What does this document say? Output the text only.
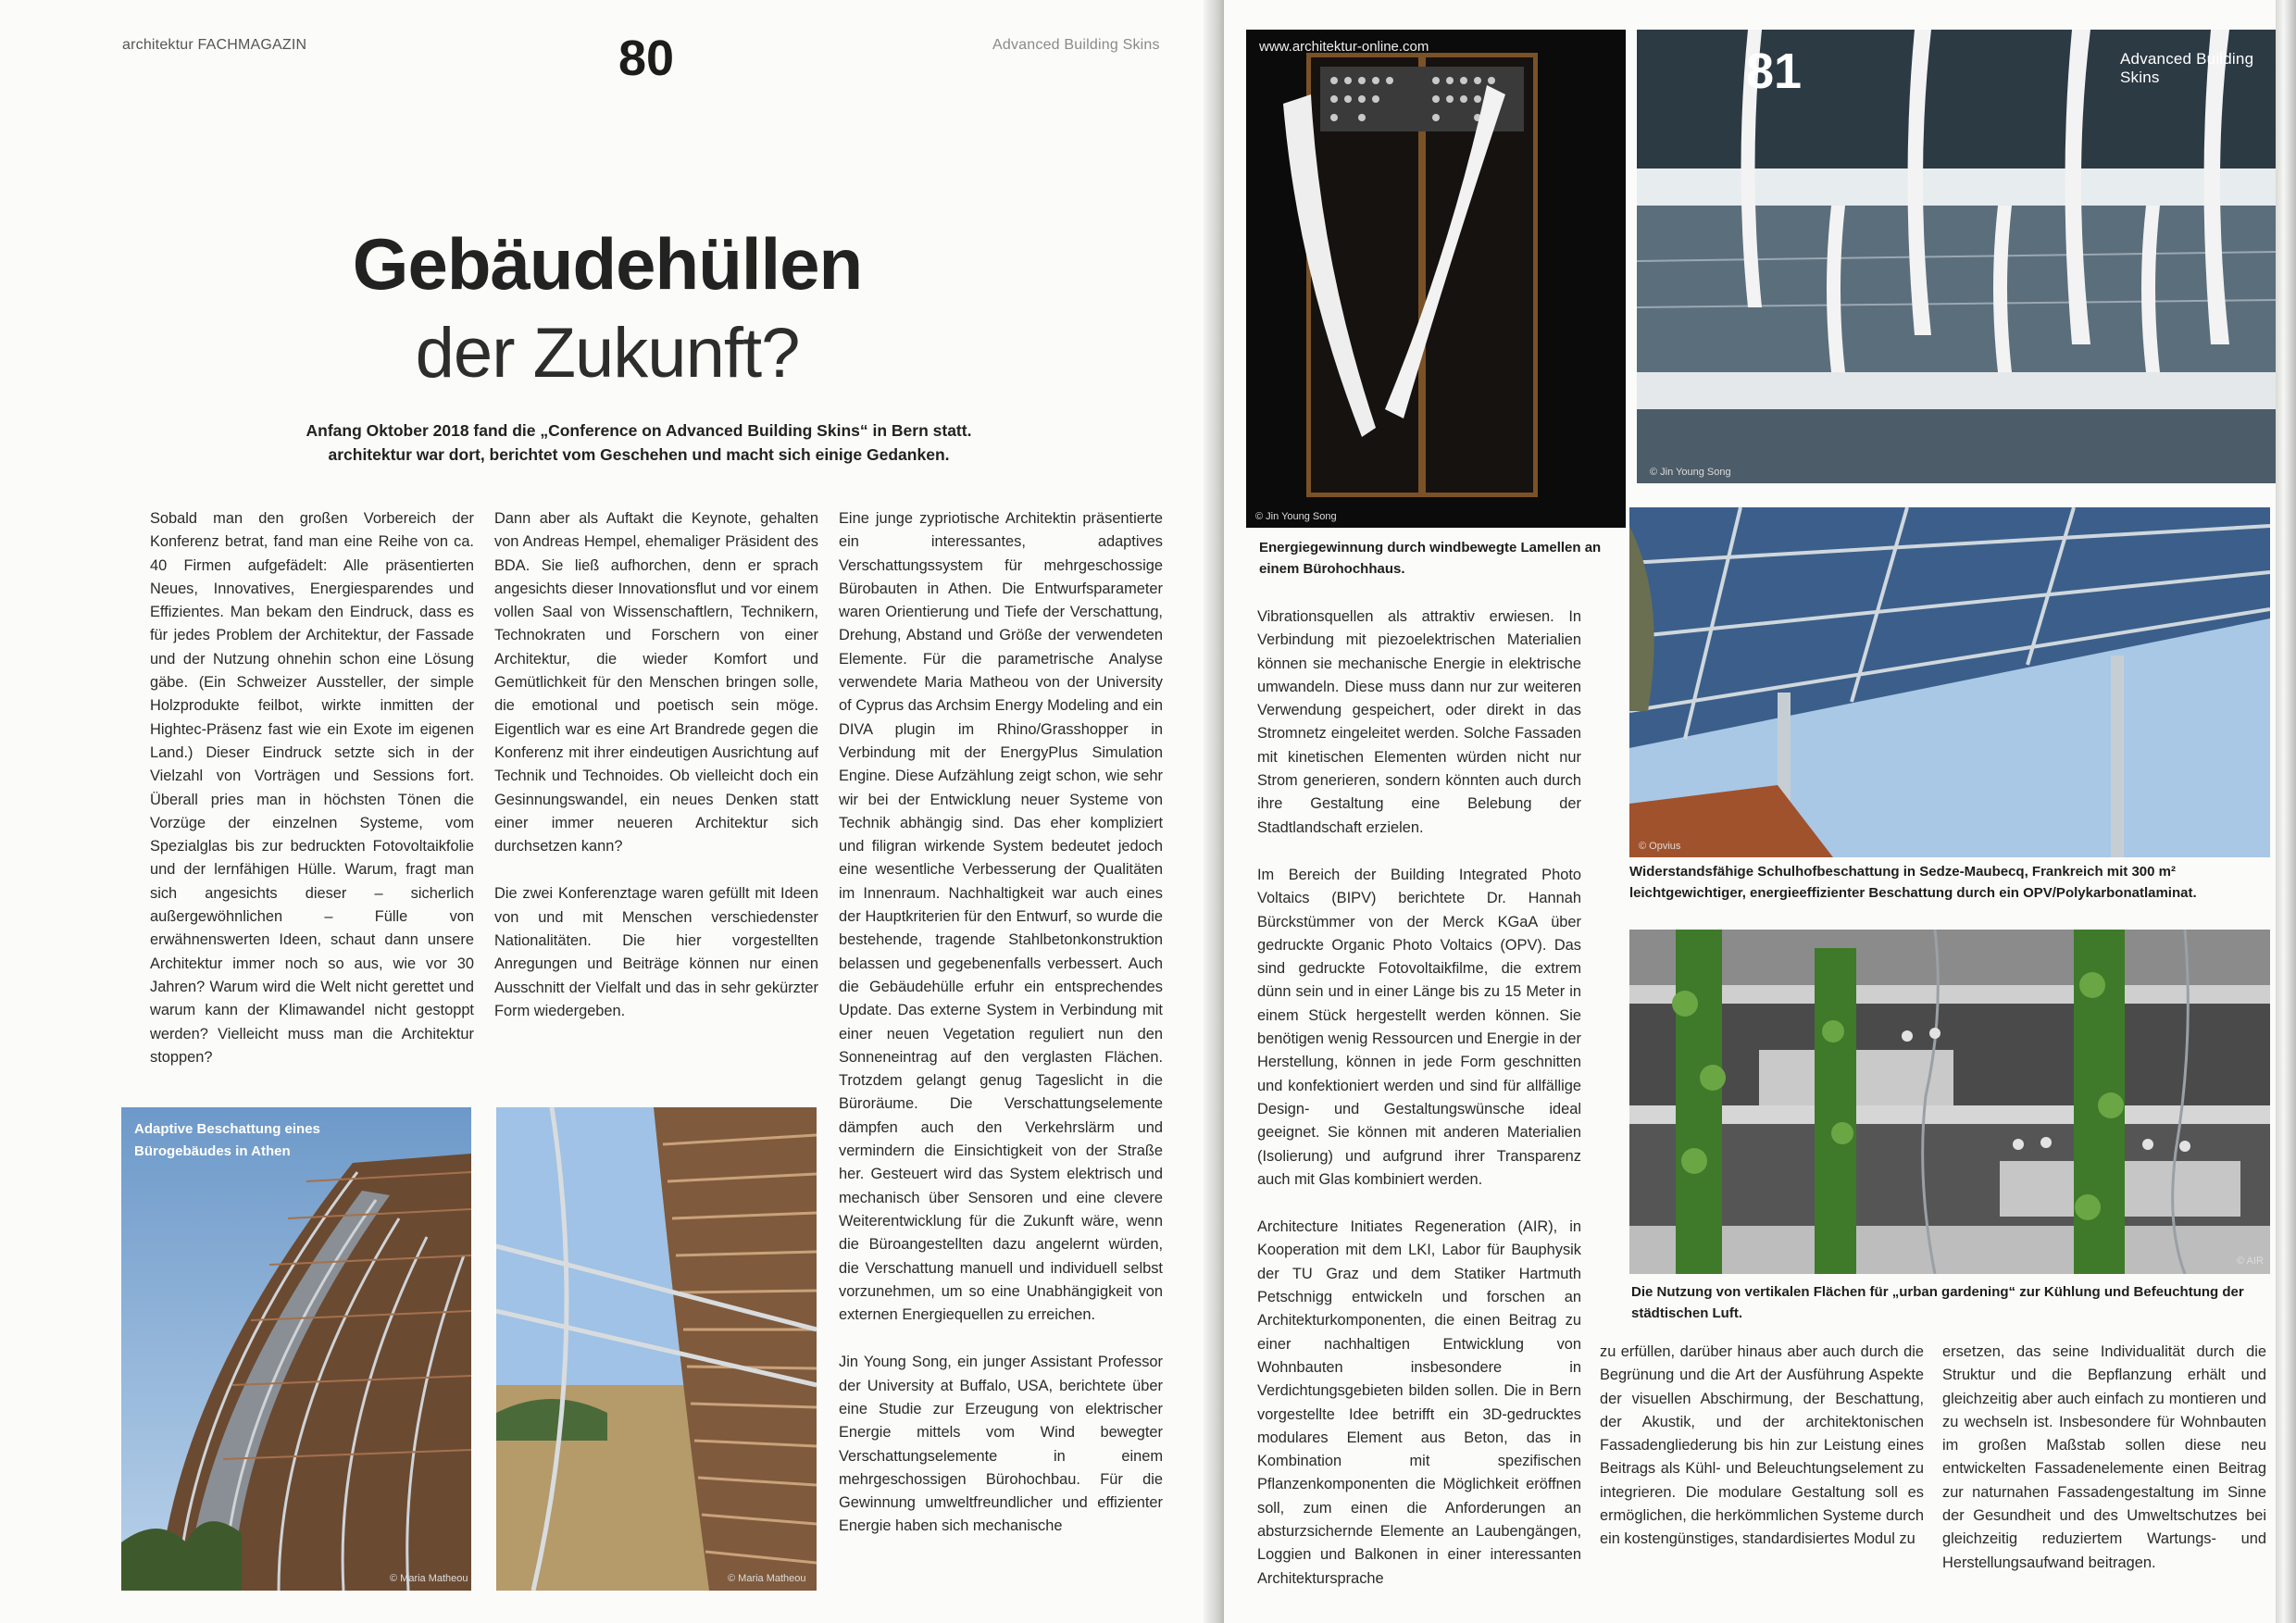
architektur FACHMAGAZIN	80	Advanced Building Skins
Gebäudehüllen
der Zukunft?
Anfang Oktober 2018 fand die „Conference on Advanced Building Skins“ in Bern statt. architektur war dort, berichtet vom Geschehen und macht sich einige Gedanken.

Sobald man den großen Vorbereich der Konferenz betrat, fand man eine Reihe von ca. 40 Firmen aufgefädelt: Alle präsentierten Neues, Innovatives, Energiesparendes und Effizientes. Man bekam den Eindruck, dass es für jedes Problem der Architektur, der Fassade und der Nutzung ohnehin schon eine Lösung gäbe. (Ein Schweizer Aussteller, der simple Holzprodukte feilbot, wirkte inmitten der Hightec-Präsenz fast wie ein Exote im eigenen Land.) Dieser Eindruck setzte sich in der Vielzahl von Vorträgen und Sessions fort. Überall pries man in höchsten Tönen die Vorzüge der einzelnen Systeme, vom Spezialglas bis zur bedruckten Fotovoltaikfolie und der lernfähigen Hülle. Warum, fragt man sich angesichts dieser – sicherlich außergewöhnlichen – Fülle von erwähnenswerten Ideen, schaut dann unsere Architektur immer noch so aus, wie vor 30 Jahren? Warum wird die Welt nicht gerettet und warum kann der Klimawandel nicht gestoppt werden? Vielleicht muss man die Architektur stoppen?

Dann aber als Auftakt die Keynote, gehalten von Andreas Hempel, ehemaliger Präsident des BDA. Sie ließ aufhorchen, denn er sprach angesichts dieser Innovationsflut und vor einem vollen Saal von Wissenschaftlern, Technikern, Technokraten und Forschern von einer Architektur, die wieder Komfort und Gemütlichkeit für den Menschen bringen solle, die emotional und poetisch sein möge. Eigentlich war es eine Art Brandrede gegen die Konferenz mit ihrer eindeutigen Ausrichtung auf Technik und Technoides. Ob vielleicht doch ein Gesinnungswandel, ein neues Denken statt einer immer neueren Architektur sich durchsetzen kann?

Die zwei Konferenztage waren gefüllt mit Ideen von und mit Menschen verschiedenster Nationalitäten. Die hier vorgestellten Anregungen und Beiträge können nur einen Ausschnitt der Vielfalt und das in sehr gekürzter Form wiedergeben.

Eine junge zypriotische Architektin präsentierte ein interessantes, adaptives Verschattungssystem für mehrgeschossige Bürobauten in Athen. Die Entwurfsparameter waren Orientierung und Tiefe der Verschattung, Drehung, Abstand und Größe der verwendeten Elemente. Für die parametrische Analyse verwendete Maria Matheou von der University of Cyprus das Archsim Energy Modeling and ein DIVA plugin im Rhino/Grasshopper in Verbindung mit der EnergyPlus Simulation Engine. Diese Aufzählung zeigt schon, wie sehr wir bei der Entwicklung neuer Systeme von Technik abhängig sind. Das eher kompliziert und filigran wirkende System bedeutet jedoch eine wesentliche Verbesserung der Qualitäten im Innenraum. Nachhaltigkeit war auch eines der Hauptkriterien für den Entwurf, so wurde die bestehende, tragende Stahlbetonkonstruktion belassen und gegebenenfalls verbessert. Auch die Gebäudehülle erfuhr ein entsprechendes Update. Das externe System in Verbindung mit einer neuen Vegetation reguliert nun den Sonneneintrag auf den verglasten Flächen. Trotzdem gelangt genug Tageslicht in die Büroräume. Die Verschattungselemente dämpfen auch den Verkehrslärm und vermindern die Einsichtigkeit von der Straße her. Gesteuert wird das System elektrisch und mechanisch über Sensoren und eine clevere Weiterentwicklung für die Zukunft wäre, wenn die Büroangestellten dazu angelernt würden, die Verschattung manuell und individuell selbst vorzunehmen, um so eine Unabhängigkeit von externen Energiequellen zu erreichen.

Jin Young Song, ein junger Assistant Professor der University at Buffalo, USA, berichtete über eine Studie zur Erzeugung von elektrischer Energie mittels vom Wind bewegter Verschattungselemente in einem mehrgeschossigen Bürohochbau. Für die Gewinnung umweltfreundlicher und effizienter Energie haben sich mechanische

Adaptive Beschattung eines Bürogebäudes in Athen
© Maria Matheou	© Maria Matheou
www.architektur-online.com
© Jin Young Song
Energiegewinnung durch windbewegte Lamellen an einem Bürohochhaus.
81	Advanced Building Skins
© Jin Young Song
© Opvius
Widerstandsfähige Schulhofbeschattung in Sedze-Maubecq, Frankreich mit 300 m² leichtgewichtiger, energieeffizienter Beschattung durch ein OPV/Polykarbonatlaminat.
© AIR
Die Nutzung von vertikalen Flächen für „urban gardening“ zur Kühlung und Befeuchtung der städtischen Luft.

Vibrationsquellen als attraktiv erwiesen. In Verbindung mit piezoelektrischen Materialien können sie mechanische Energie in elektrische umwandeln. Diese muss dann nur zur weiteren Verwendung gespeichert, oder direkt in das Stromnetz eingeleitet werden. Solche Fassaden mit kinetischen Elementen würden nicht nur Strom generieren, sondern könnten auch durch ihre Gestaltung eine Belebung der Stadtlandschaft erzielen.

Im Bereich der Building Integrated Photo Voltaics (BIPV) berichtete Dr. Hannah Bürckstümmer von der Merck KGaA über gedruckte Organic Photo Voltaics (OPV). Das sind gedruckte Fotovoltaikfilme, die extrem dünn sein und in einer Länge bis zu 15 Meter in einem Stück hergestellt werden können. Sie benötigen wenig Ressourcen und Energie in der Herstellung, können in jede Form geschnitten und konfektioniert werden und sind für allfällige Design- und Gestaltungswünsche ideal geeignet. Sie können mit anderen Materialien (Isolierung) und aufgrund ihrer Transparenz auch mit Glas kombiniert werden.

Architecture Initiates Regeneration (AIR), in Kooperation mit dem LKI, Labor für Bauphysik der TU Graz und dem Statiker Hartmuth Petschnigg entwickeln und forschen an Architekturkomponenten, die einen Beitrag zu einer nachhaltigen Entwicklung von Wohnbauten insbesondere in Verdichtungsgebieten bilden sollen. Die in Bern vorgestellte Idee betrifft ein 3D-gedrucktes modulares Element aus Beton, das in Kombination mit spezifischen Pflanzenkomponenten die Möglichkeit eröffnen soll, zum einen die Anforderungen an absturzsichernde Elemente an Laubengängen, Loggien und Balkonen in einer interessanten Architektursprache

zu erfüllen, darüber hinaus aber auch durch die Begrünung und die Art der Ausführung Aspekte der visuellen Abschirmung, der Beschattung, der Akustik, und der architektonischen Fassadengliederung bis hin zur Leistung eines Beitrags als Kühl- und Beleuchtungselement zu integrieren. Die modulare Gestaltung soll es ermöglichen, die herkömmlichen Systeme durch ein kostengünstiges, standardisiertes Modul zu

ersetzen, das seine Individualität durch die Struktur und die Bepflanzung erhält und gleichzeitig aber auch einfach zu montieren und zu wechseln ist. Insbesondere für Wohnbauten im großen Maßstab sollen diese neu entwickelten Fassadenelemente einen Beitrag zur naturnahen Fassadengestaltung im Sinne der Gesundheit und des Umweltschutzes bei gleichzeitig reduziertem Wartungs- und Herstellungsaufwand beitragen.
